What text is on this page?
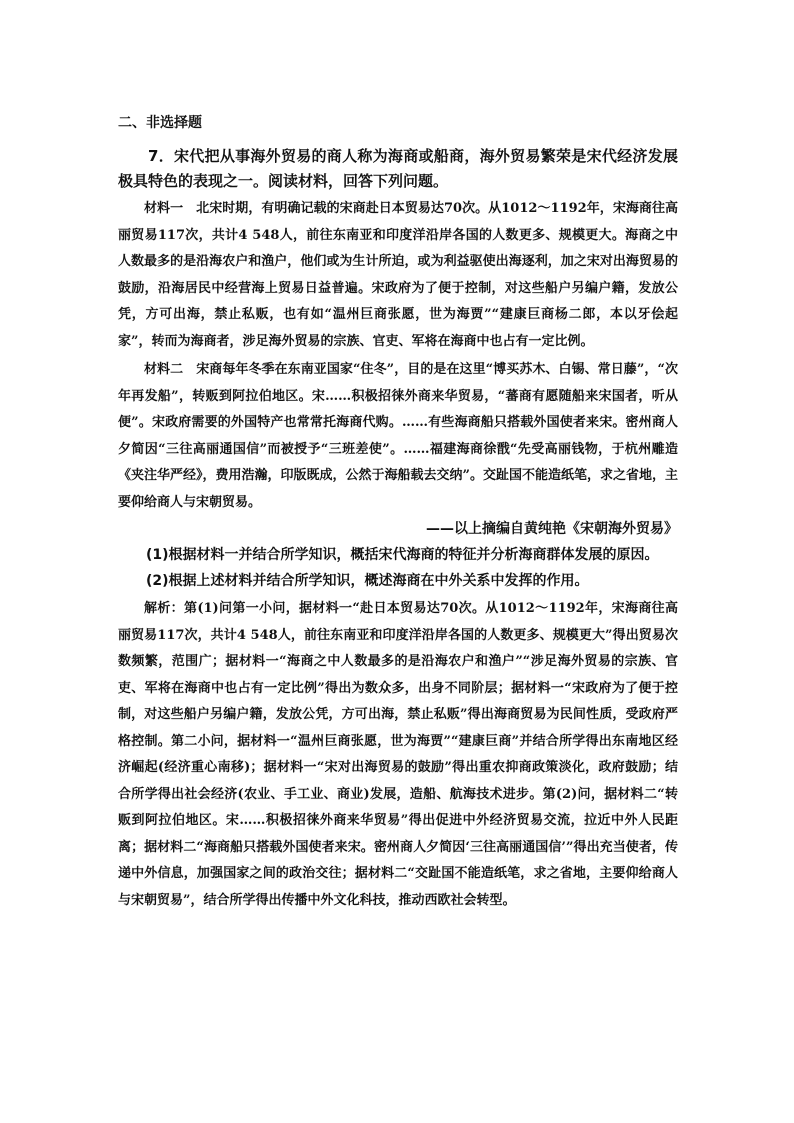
二、非选择题

7．宋代把从事海外贸易的商人称为海商或船商，海外贸易繁荣是宋代经济发展极具特色的表现之一。阅读材料，回答下列问题。

材料一　北宋时期，有明确记载的宋商赴日本贸易达70次。从1012～1192年，宋海商往高丽贸易117次，共计4 548人，前往东南亚和印度洋沿岸各国的人数更多、规模更大。海商之中人数最多的是沿海农户和渔户，他们或为生计所迫，或为利益驱使出海逐利，加之宋对出海贸易的鼓励，沿海居民中经营海上贸易日益普遍。宋政府为了便于控制，对这些船户另编户籍，发放公凭，方可出海，禁止私贩，也有如“温州巨商张愿，世为海贾”“建康巨商杨二郎，本以牙侩起家”，转而为海商者，涉足海外贸易的宗族、官吏、军将在海商中也占有一定比例。

材料二　宋商每年冬季在东南亚国家“住冬”，目的是在这里“博买苏木、白锡、常日藤”，“次年再发船”，转贩到阿拉伯地区。宋……积极招徕外商来华贸易，“蕃商有愿随船来宋国者，听从便”。宋政府需要的外国特产也常常托海商代购。……有些海商船只搭载外国使者来宋。密州商人夕简因“三往高丽通国信”而被授予“三班差使”。……福建海商徐戬“先受高丽钱物，于杭州雕造《夹注华严经》，费用浩瀚，印版既成，公然于海船载去交纳”。交趾国不能造纸笔，求之省地，主要仰给商人与宋朝贸易。

——以上摘编自黄纯艳《宋朝海外贸易》

(1)根据材料一并结合所学知识，概括宋代海商的特征并分析海商群体发展的原因。

(2)根据上述材料并结合所学知识，概述海商在中外关系中发挥的作用。

解析：第(1)问第一小问，据材料一“赴日本贸易达70次。从1012～1192年，宋海商往高丽贸易117次，共计4 548人，前往东南亚和印度洋沿岸各国的人数更多、规模更大”得出贸易次数频繁，范围广；据材料一“海商之中人数最多的是沿海农户和渔户”“涉足海外贸易的宗族、官吏、军将在海商中也占有一定比例”得出为数众多，出身不同阶层；据材料一“宋政府为了便于控制，对这些船户另编户籍，发放公凭，方可出海，禁止私贩”得出海商贸易为民间性质，受政府严格控制。第二小问，据材料一“温州巨商张愿，世为海贾”“建康巨商”并结合所学得出东南地区经济崛起(经济重心南移)；据材料一“宋对出海贸易的鼓励”得出重农抑商政策淡化，政府鼓励；结合所学得出社会经济(农业、手工业、商业)发展，造船、航海技术进步。第(2)问，据材料二“转贩到阿拉伯地区。宋……积极招徕外商来华贸易”得出促进中外经济贸易交流，拉近中外人民距离；据材料二“海商船只搭载外国使者来宋。密州商人夕简因‘三往高丽通国信’”得出充当使者，传递中外信息，加强国家之间的政治交往；据材料二“交趾国不能造纸笔，求之省地，主要仰给商人与宋朝贸易”，结合所学得出传播中外文化科技，推动西欧社会转型。
